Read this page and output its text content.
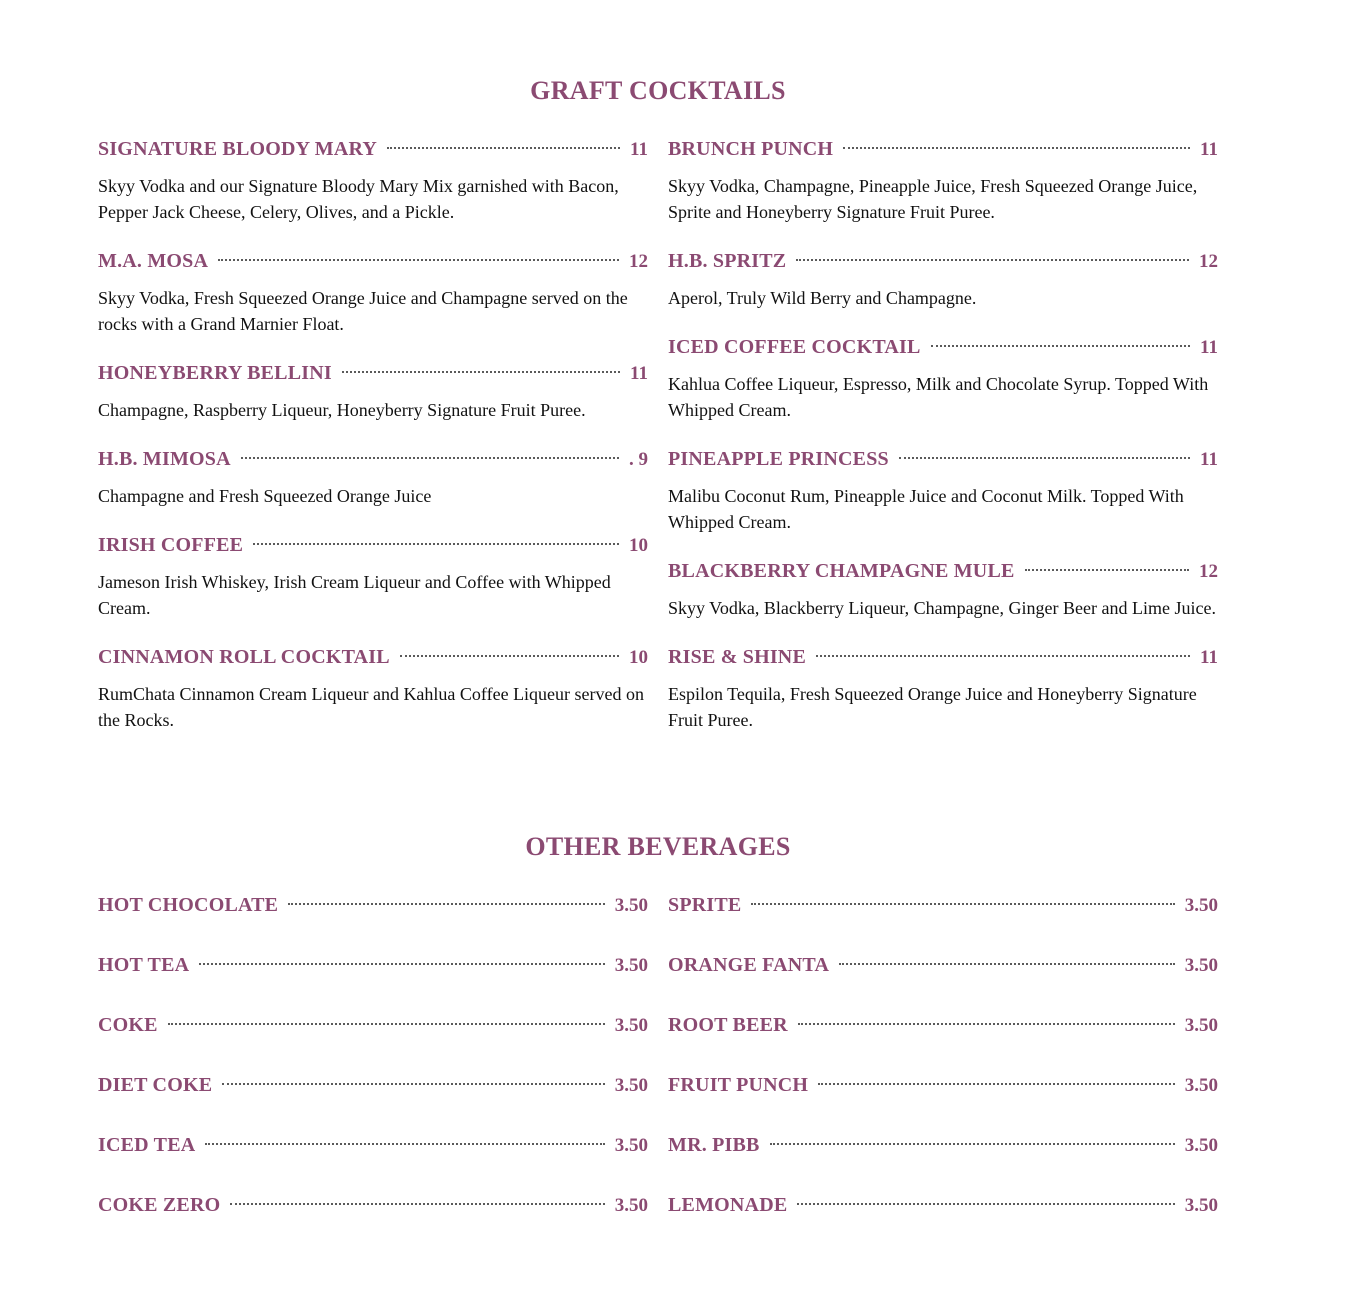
GRAFT COCKTAILS
SIGNATURE BLOODY MARY	11

Skyy Vodka and our Signature Bloody Mary Mix garnished with Bacon, Pepper Jack Cheese, Celery, Olives, and a Pickle.

M.A. MOSA	12

Skyy Vodka, Fresh Squeezed Orange Juice and Champagne served on the rocks with a Grand Marnier Float.

HONEYBERRY BELLINI	11

Champagne, Raspberry Liqueur, Honeyberry Signature Fruit Puree.

H.B. MIMOSA	. 9

Champagne and Fresh Squeezed Orange Juice

IRISH COFFEE	10

Jameson Irish Whiskey, Irish Cream Liqueur and Coffee with Whipped Cream.

CINNAMON ROLL COCKTAIL	10

RumChata Cinnamon Cream Liqueur and Kahlua Coffee Liqueur served on the Rocks.

BRUNCH PUNCH	11

Skyy Vodka, Champagne, Pineapple Juice, Fresh Squeezed Orange Juice, Sprite and Honeyberry Signature Fruit Puree.

H.B. SPRITZ	12

Aperol, Truly Wild Berry and Champagne.

ICED COFFEE COCKTAIL	11

Kahlua Coffee Liqueur, Espresso, Milk and Chocolate Syrup. Topped With Whipped Cream.

PINEAPPLE PRINCESS	11

Malibu Coconut Rum, Pineapple Juice and Coconut Milk. Topped With Whipped Cream.

BLACKBERRY CHAMPAGNE MULE	12

Skyy Vodka, Blackberry Liqueur, Champagne, Ginger Beer and Lime Juice.

RISE & SHINE	11

Espilon Tequila, Fresh Squeezed Orange Juice and Honeyberry Signature Fruit Puree.

OTHER BEVERAGES
HOT CHOCOLATE	3.50
HOT TEA	3.50
COKE	3.50
DIET COKE	3.50
ICED TEA	3.50
COKE ZERO	3.50
SPRITE	3.50
ORANGE FANTA	3.50
ROOT BEER	3.50
FRUIT PUNCH	3.50
MR. PIBB	3.50
LEMONADE	3.50
